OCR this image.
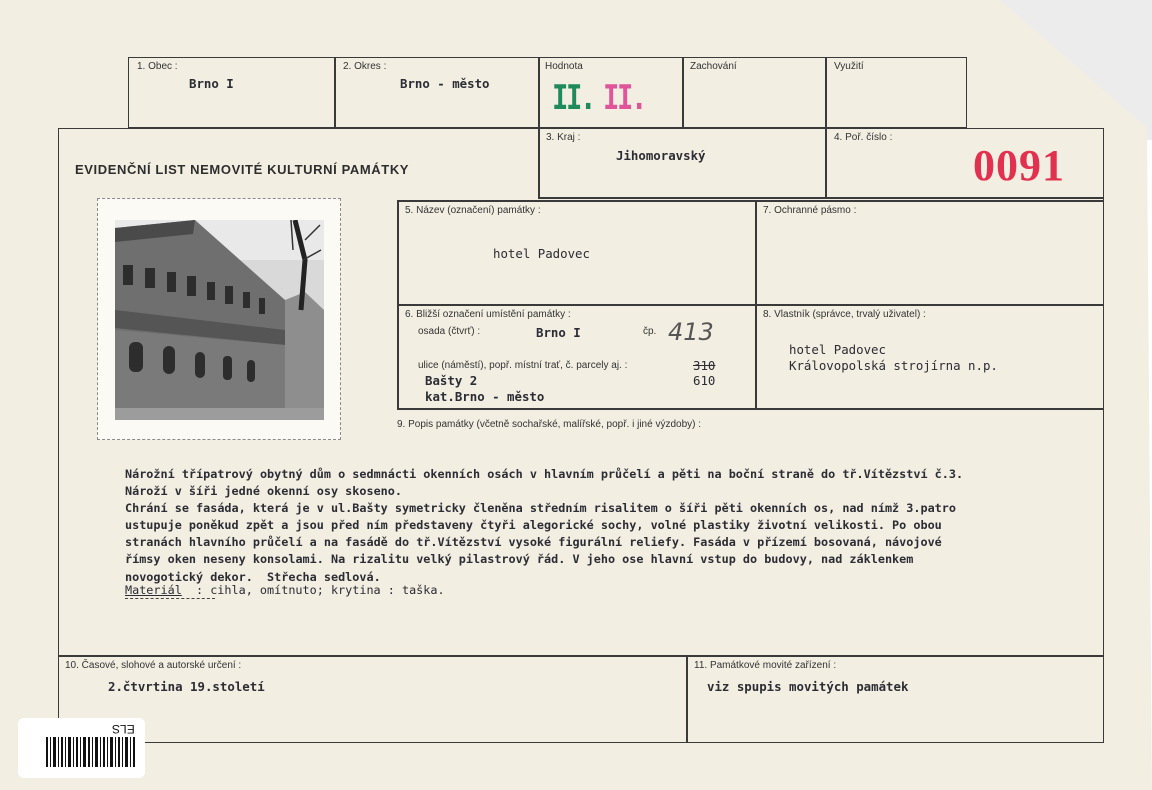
1. Obec :
Brno I
2. Okres :
Brno - město
Hodnota
II. II.
Zachování	Využití
EVIDENČNÍ LIST NEMOVITÉ KULTURNÍ PAMÁTKY
3. Kraj :
Jihomoravský
4. Poř. číslo :
0091
5. Název (označení) památky :
hotel Padovec
7. Ochranné pásmo :
6. Bližší označení umístění památky :
osada (čtvrť) :	Brno I	čp. 413
ulice (náměstí), popř. místní trať, č. parcely aj. :	310
610
Bašty 2
kat.Brno - město
8. Vlastník (správce, trvalý uživatel) :
hotel Padovec
Královopolská strojírna n.p.
9. Popis památky (včetně sochařské, malířské, popř. i jiné výzdoby) :
Nárožní třípatrový obytný dům o sedmnácti okenních osách v hlavním průčelí a pěti na boční straně do tř.Vítězství č.3.
Nároží v šíři jedné okenní osy skoseno.
Chrání se fasáda, která je v ul.Bašty symetricky členěna středním risalitem o šíři pěti okenních os, nad nímž 3.patro
ustupuje poněkud zpět a jsou před ním představeny čtyři alegorické sochy, volné plastiky životní velikosti. Po obou
stranách hlavního průčelí a na fasádě do tř.Vítězství vysoké figurální reliefy. Fasáda v přízemí bosovaná, návojové
římsy oken neseny konsolami. Na rizalitu velký pilastrový řád. V jeho ose hlavní vstup do budovy, nad záklenkem
novogotický dekor.  Střecha sedlová.
Materiál : cihla, omítnuto; krytina : taška.
10. Časové, slohové a autorské určení :
2.čtvrtina 19.století
11. Památkové movité zařízení :
viz spupis movitých památek
ELS
